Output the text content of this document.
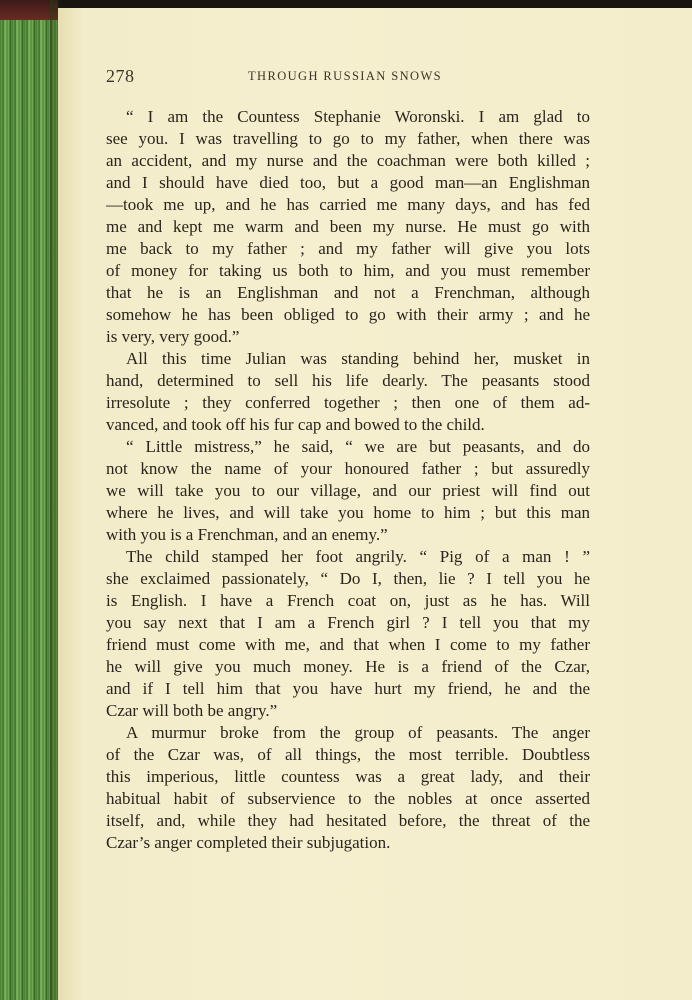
278	THROUGH RUSSIAN SNOWS
“ I am the Countess Stephanie Woronski. I am glad to
see you. I was travelling to go to my father, when there was
an accident, and my nurse and the coachman were both killed ;
and I should have died too, but a good man—an Englishman
—took me up, and he has carried me many days, and has fed
me and kept me warm and been my nurse. He must go with
me back to my father ; and my father will give you lots
of money for taking us both to him, and you must remember
that he is an Englishman and not a Frenchman, although
somehow he has been obliged to go with their army ; and he
is very, very good.”
All this time Julian was standing behind her, musket in
hand, determined to sell his life dearly. The peasants stood
irresolute ; they conferred together ; then one of them ad-
vanced, and took off his fur cap and bowed to the child.
“ Little mistress,” he said, “ we are but peasants, and do
not know the name of your honoured father ; but assuredly
we will take you to our village, and our priest will find out
where he lives, and will take you home to him ; but this man
with you is a Frenchman, and an enemy.”
The child stamped her foot angrily. “ Pig of a man ! ”
she exclaimed passionately, “ Do I, then, lie ? I tell you he
is English. I have a French coat on, just as he has. Will
you say next that I am a French girl ? I tell you that my
friend must come with me, and that when I come to my father
he will give you much money. He is a friend of the Czar,
and if I tell him that you have hurt my friend, he and the
Czar will both be angry.”
A murmur broke from the group of peasants. The anger
of the Czar was, of all things, the most terrible. Doubtless
this imperious, little countess was a great lady, and their
habitual habit of subservience to the nobles at once asserted
itself, and, while they had hesitated before, the threat of the
Czar’s anger completed their subjugation.
